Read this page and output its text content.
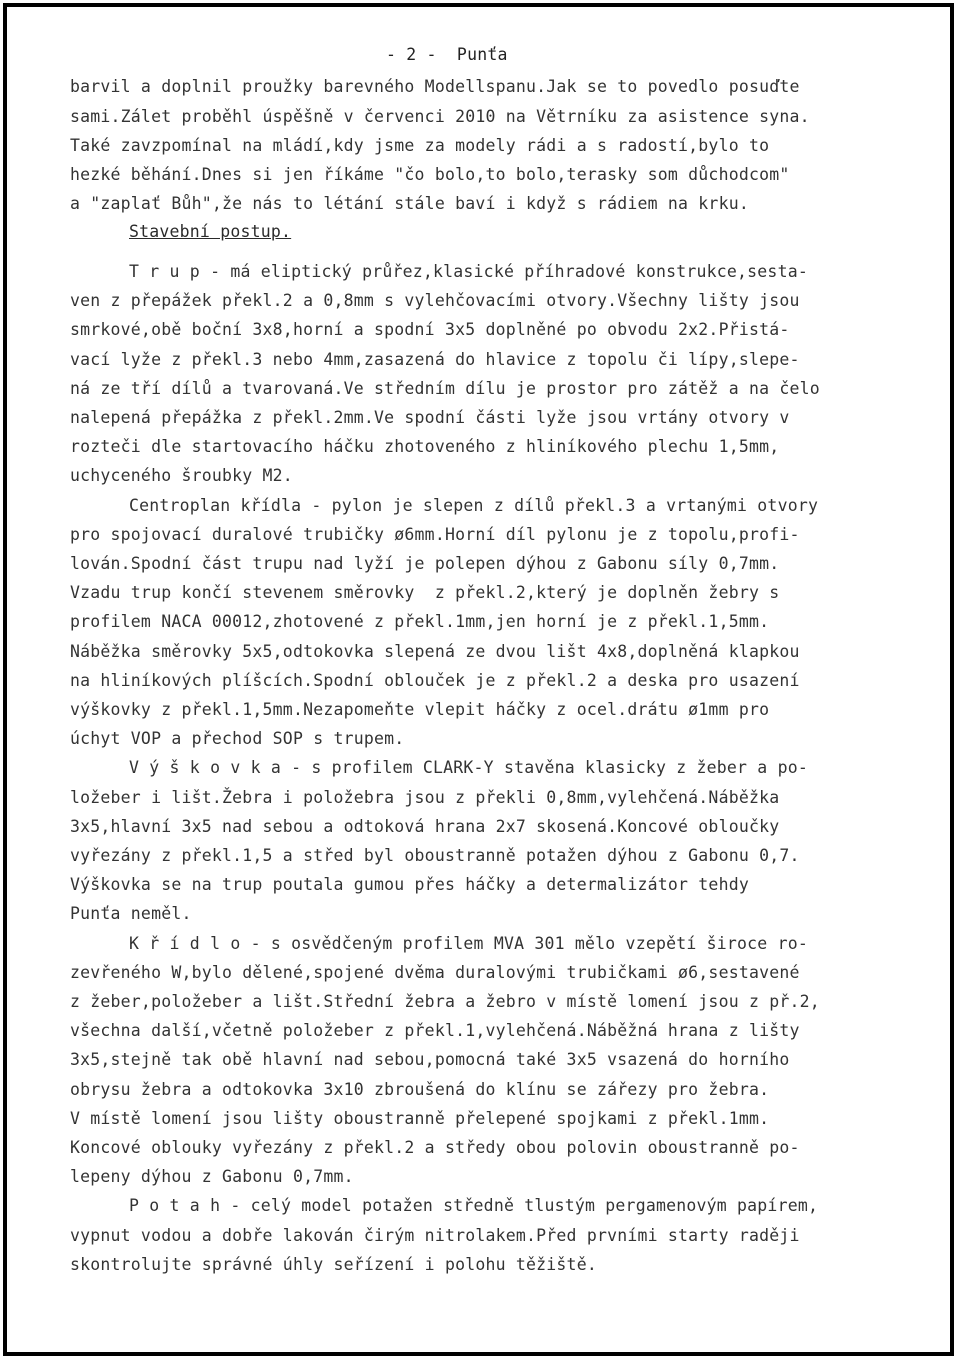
- 2 -  Punťa
barvil a doplnil proužky barevného Modellspanu.Jak se to povedlo posuďte
sami.Zálet proběhl úspěšně v červenci 2010 na Větrníku za asistence syna.
Také zavzpomínal na mládí,kdy jsme za modely rádi a s radostí,bylo to
hezké běhání.Dnes si jen říkáme "čo bolo,to bolo,terasky som důchodcom"
a "zaplať Bůh",že nás to létání stále baví i když s rádiem na krku.
Stavební postup.
T r u p - má eliptický průřez,klasické příhradové konstrukce,sesta-
ven z přepážek překl.2 a 0,8mm s vylehčovacími otvory.Všechny lišty jsou
smrkové,obě boční 3x8,horní a spodní 3x5 doplněné po obvodu 2x2.Přistá-
vací lyže z překl.3 nebo 4mm,zasazená do hlavice z topolu či lípy,slepe-
ná ze tří dílů a tvarovaná.Ve středním dílu je prostor pro zátěž a na čelo
nalepená přepážka z překl.2mm.Ve spodní části lyže jsou vrtány otvory v
rozteči dle startovacího háčku zhotoveného z hliníkového plechu 1,5mm,
uchyceného šroubky M2.
Centroplan křídla - pylon je slepen z dílů překl.3 a vrtanými otvory
pro spojovací duralové trubičky ø6mm.Horní díl pylonu je z topolu,profi-
lován.Spodní část trupu nad lyží je polepen dýhou z Gabonu síly 0,7mm.
Vzadu trup končí stevenem směrovky  z překl.2,který je doplněn žebry s
profilem NACA 00012,zhotovené z překl.1mm,jen horní je z překl.1,5mm.
Náběžka směrovky 5x5,odtokovka slepená ze dvou lišt 4x8,doplněná klapkou
na hliníkových plíšcích.Spodní oblouček je z překl.2 a deska pro usazení
výškovky z překl.1,5mm.Nezapomeňte vlepit háčky z ocel.drátu ø1mm pro
úchyt VOP a přechod SOP s trupem.
V ý š k o v k a - s profilem CLARK-Y stavěna klasicky z žeber a po-
ložeber i lišt.Žebra i položebra jsou z překli 0,8mm,vylehčená.Náběžka
3x5,hlavní 3x5 nad sebou a odtoková hrana 2x7 skosená.Koncové obloučky
vyřezány z překl.1,5 a střed byl oboustranně potažen dýhou z Gabonu 0,7.
Výškovka se na trup poutala gumou přes háčky a determalizátor tehdy
Punťa neměl.
K ř í d l o - s osvědčeným profilem MVA 301 mělo vzepětí široce ro-
zevřeného W,bylo dělené,spojené dvěma duralovými trubičkami ø6,sestavené
z žeber,položeber a lišt.Střední žebra a žebro v místě lomení jsou z př.2,
všechna další,včetně položeber z překl.1,vylehčená.Náběžná hrana z lišty
3x5,stejně tak obě hlavní nad sebou,pomocná také 3x5 vsazená do horního
obrysu žebra a odtokovka 3x10 zbroušená do klínu se zářezy pro žebra.
V místě lomení jsou lišty oboustranně přelepené spojkami z překl.1mm.
Koncové oblouky vyřezány z překl.2 a středy obou polovin oboustranně po-
lepeny dýhou z Gabonu 0,7mm.
P o t a h - celý model potažen středně tlustým pergamenovým papírem,
vypnut vodou a dobře lakován čirým nitrolakem.Před prvními starty raději
skontrolujte správné úhly seřízení i polohu těžiště.
